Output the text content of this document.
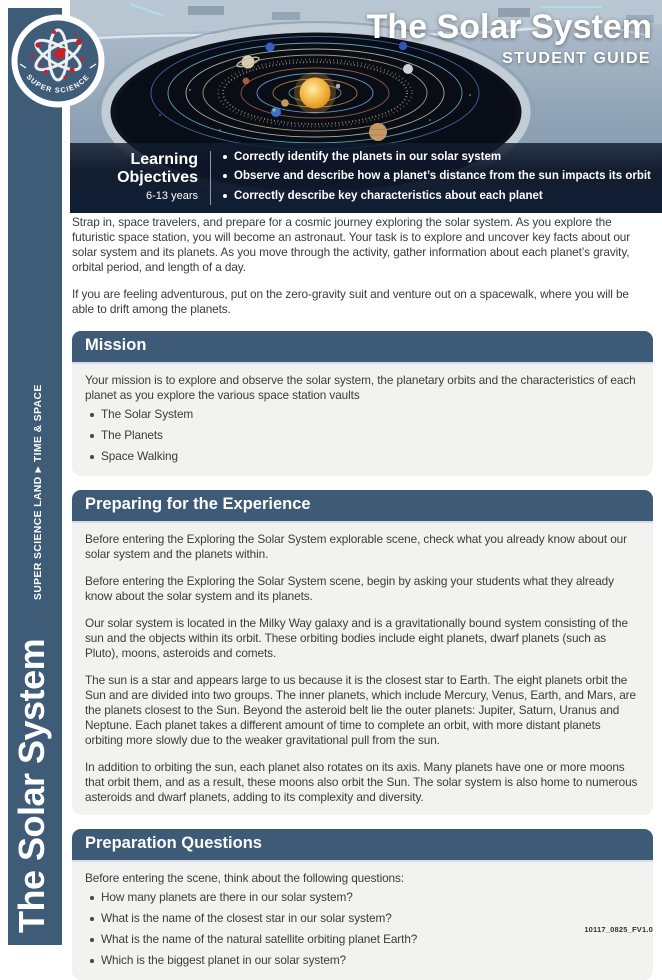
SUPER SCIENCE LAND▶TIME & SPACE
The Solar System
The Solar System
STUDENT GUIDE
Learning Objectives
6-13 years
Correctly identify the planets in our solar system
Observe and describe how a planet’s distance from the sun impacts its orbit
Correctly describe key characteristics about each planet
SUPER SCIENCE

Strap in, space travelers, and prepare for a cosmic journey exploring the solar system. As you explore the futuristic space station, you will become an astronaut. Your task is to explore and uncover key facts about our solar system and its planets. As you move through the activity, gather information about each planet’s gravity, orbital period, and length of a day.

If you are feeling adventurous, put on the zero-gravity suit and venture out on a spacewalk, where you will be able to drift among the planets.

Mission

Your mission is to explore and observe the solar system, the planetary orbits and the characteristics of each planet as you explore the various space station vaults

The Solar System
The Planets
Space Walking
Preparing for the Experience

Before entering the Exploring the Solar System explorable scene, check what you already know about our solar system and the planets within.

Before entering the Exploring the Solar System scene, begin by asking your students what they already know about the solar system and its planets.

Our solar system is located in the Milky Way galaxy and is a gravitationally bound system consisting of the sun and the objects within its orbit. These orbiting bodies include eight planets, dwarf planets (such as Pluto), moons, asteroids and comets.

The sun is a star and appears large to us because it is the closest star to Earth. The eight planets orbit the Sun and are divided into two groups. The inner planets, which include Mercury, Venus, Earth, and Mars, are the planets closest to the Sun. Beyond the asteroid belt lie the outer planets: Jupiter, Saturn, Uranus and Neptune. Each planet takes a different amount of time to complete an orbit, with more distant planets orbiting more slowly due to the weaker gravitational pull from the sun.

In addition to orbiting the sun, each planet also rotates on its axis. Many planets have one or more moons that orbit them, and as a result, these moons also orbit the Sun. The solar system is also home to numerous asteroids and dwarf planets, adding to its complexity and diversity.

Preparation Questions

Before entering the scene, think about the following questions:

How many planets are there in our solar system?
What is the name of the closest star in our solar system?
What is the name of the natural satellite orbiting planet Earth?
Which is the biggest planet in our solar system?
10117_0825_FV1.0
